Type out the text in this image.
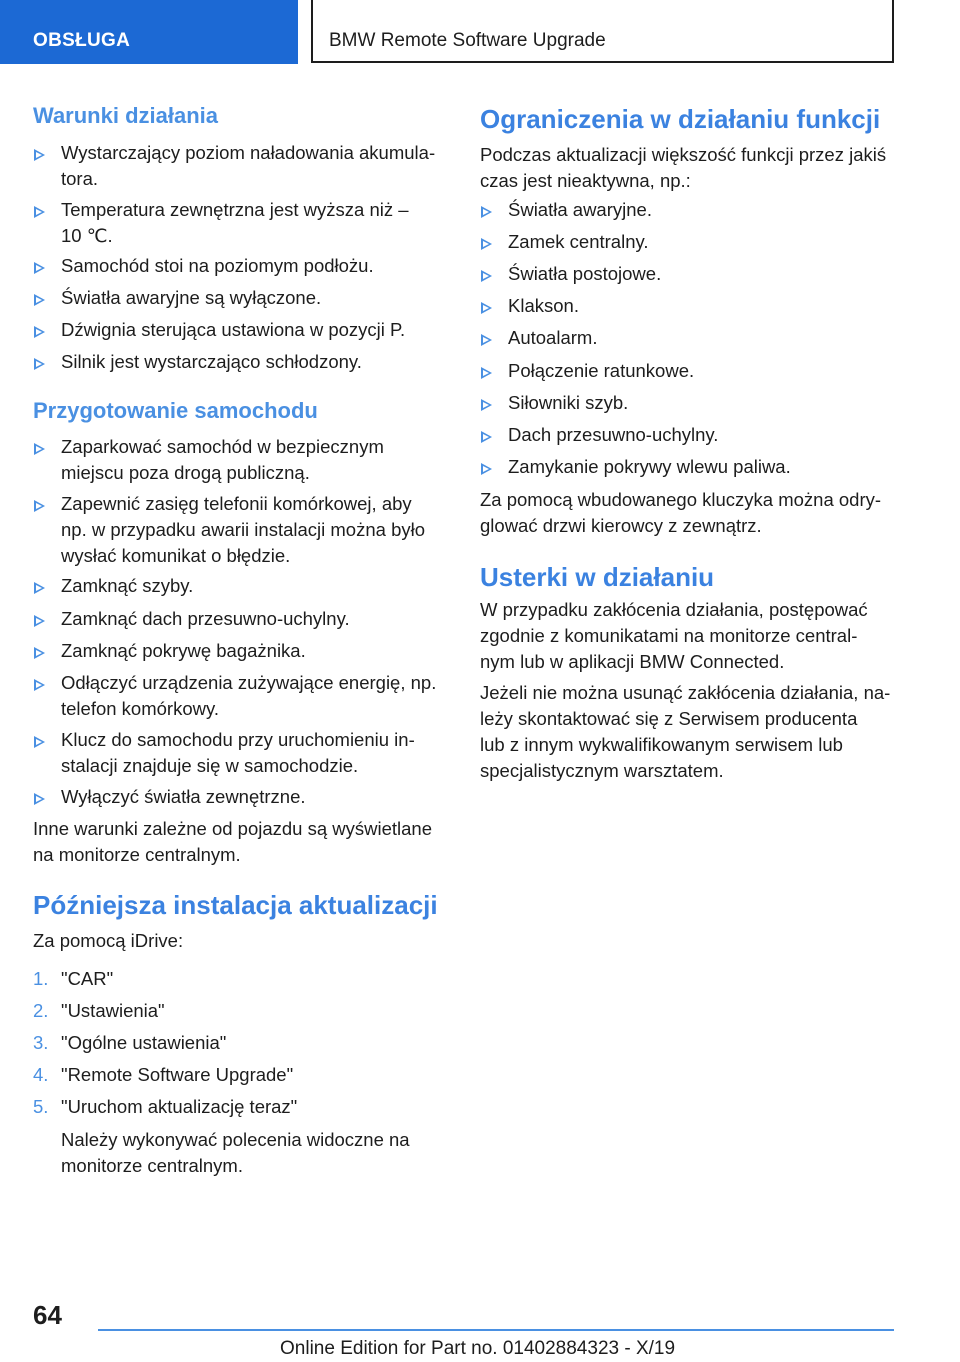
OBSŁUGA	BMW Remote Software Upgrade
Warunki działania
Wystarczający poziom naładowania akumula-
tora.
Temperatura zewnętrzna jest wyższa niż –
10 ℃.
Samochód stoi na poziomym podłożu.
Światła awaryjne są wyłączone.
Dźwignia sterująca ustawiona w pozycji P.
Silnik jest wystarczająco schłodzony.
Przygotowanie samochodu
Zaparkować samochód w bezpiecznym
miejscu poza drogą publiczną.
Zapewnić zasięg telefonii komórkowej, aby
np. w przypadku awarii instalacji można było
wysłać komunikat o błędzie.
Zamknąć szyby.
Zamknąć dach przesuwno-uchylny.
Zamknąć pokrywę bagażnika.
Odłączyć urządzenia zużywające energię, np.
telefon komórkowy.
Klucz do samochodu przy uruchomieniu in-
stalacji znajduje się w samochodzie.
Wyłączyć światła zewnętrzne.

Inne warunki zależne od pojazdu są wyświetlane
na monitorze centralnym.

Późniejsza instalacja aktualizacji

Za pomocą iDrive:

1. "CAR"
2. "Ustawienia"
3. "Ogólne ustawienia"
4. "Remote Software Upgrade"
5. "Uruchom aktualizację teraz"

Należy wykonywać polecenia widoczne na
monitorze centralnym.

Ograniczenia w działaniu funkcji

Podczas aktualizacji większość funkcji przez jakiś
czas jest nieaktywna, np.:

Światła awaryjne.
Zamek centralny.
Światła postojowe.
Klakson.
Autoalarm.
Połączenie ratunkowe.
Siłowniki szyb.
Dach przesuwno-uchylny.
Zamykanie pokrywy wlewu paliwa.

Za pomocą wbudowanego kluczyka można odry-
glować drzwi kierowcy z zewnątrz.

Usterki w działaniu

W przypadku zakłócenia działania, postępować
zgodnie z komunikatami na monitorze central-
nym lub w aplikacji BMW Connected.

Jeżeli nie można usunąć zakłócenia działania, na-
leży skontaktować się z Serwisem producenta
lub z innym wykwalifikowanym serwisem lub
specjalistycznym warsztatem.

64
Online Edition for Part no. 01402884323 - X/19
